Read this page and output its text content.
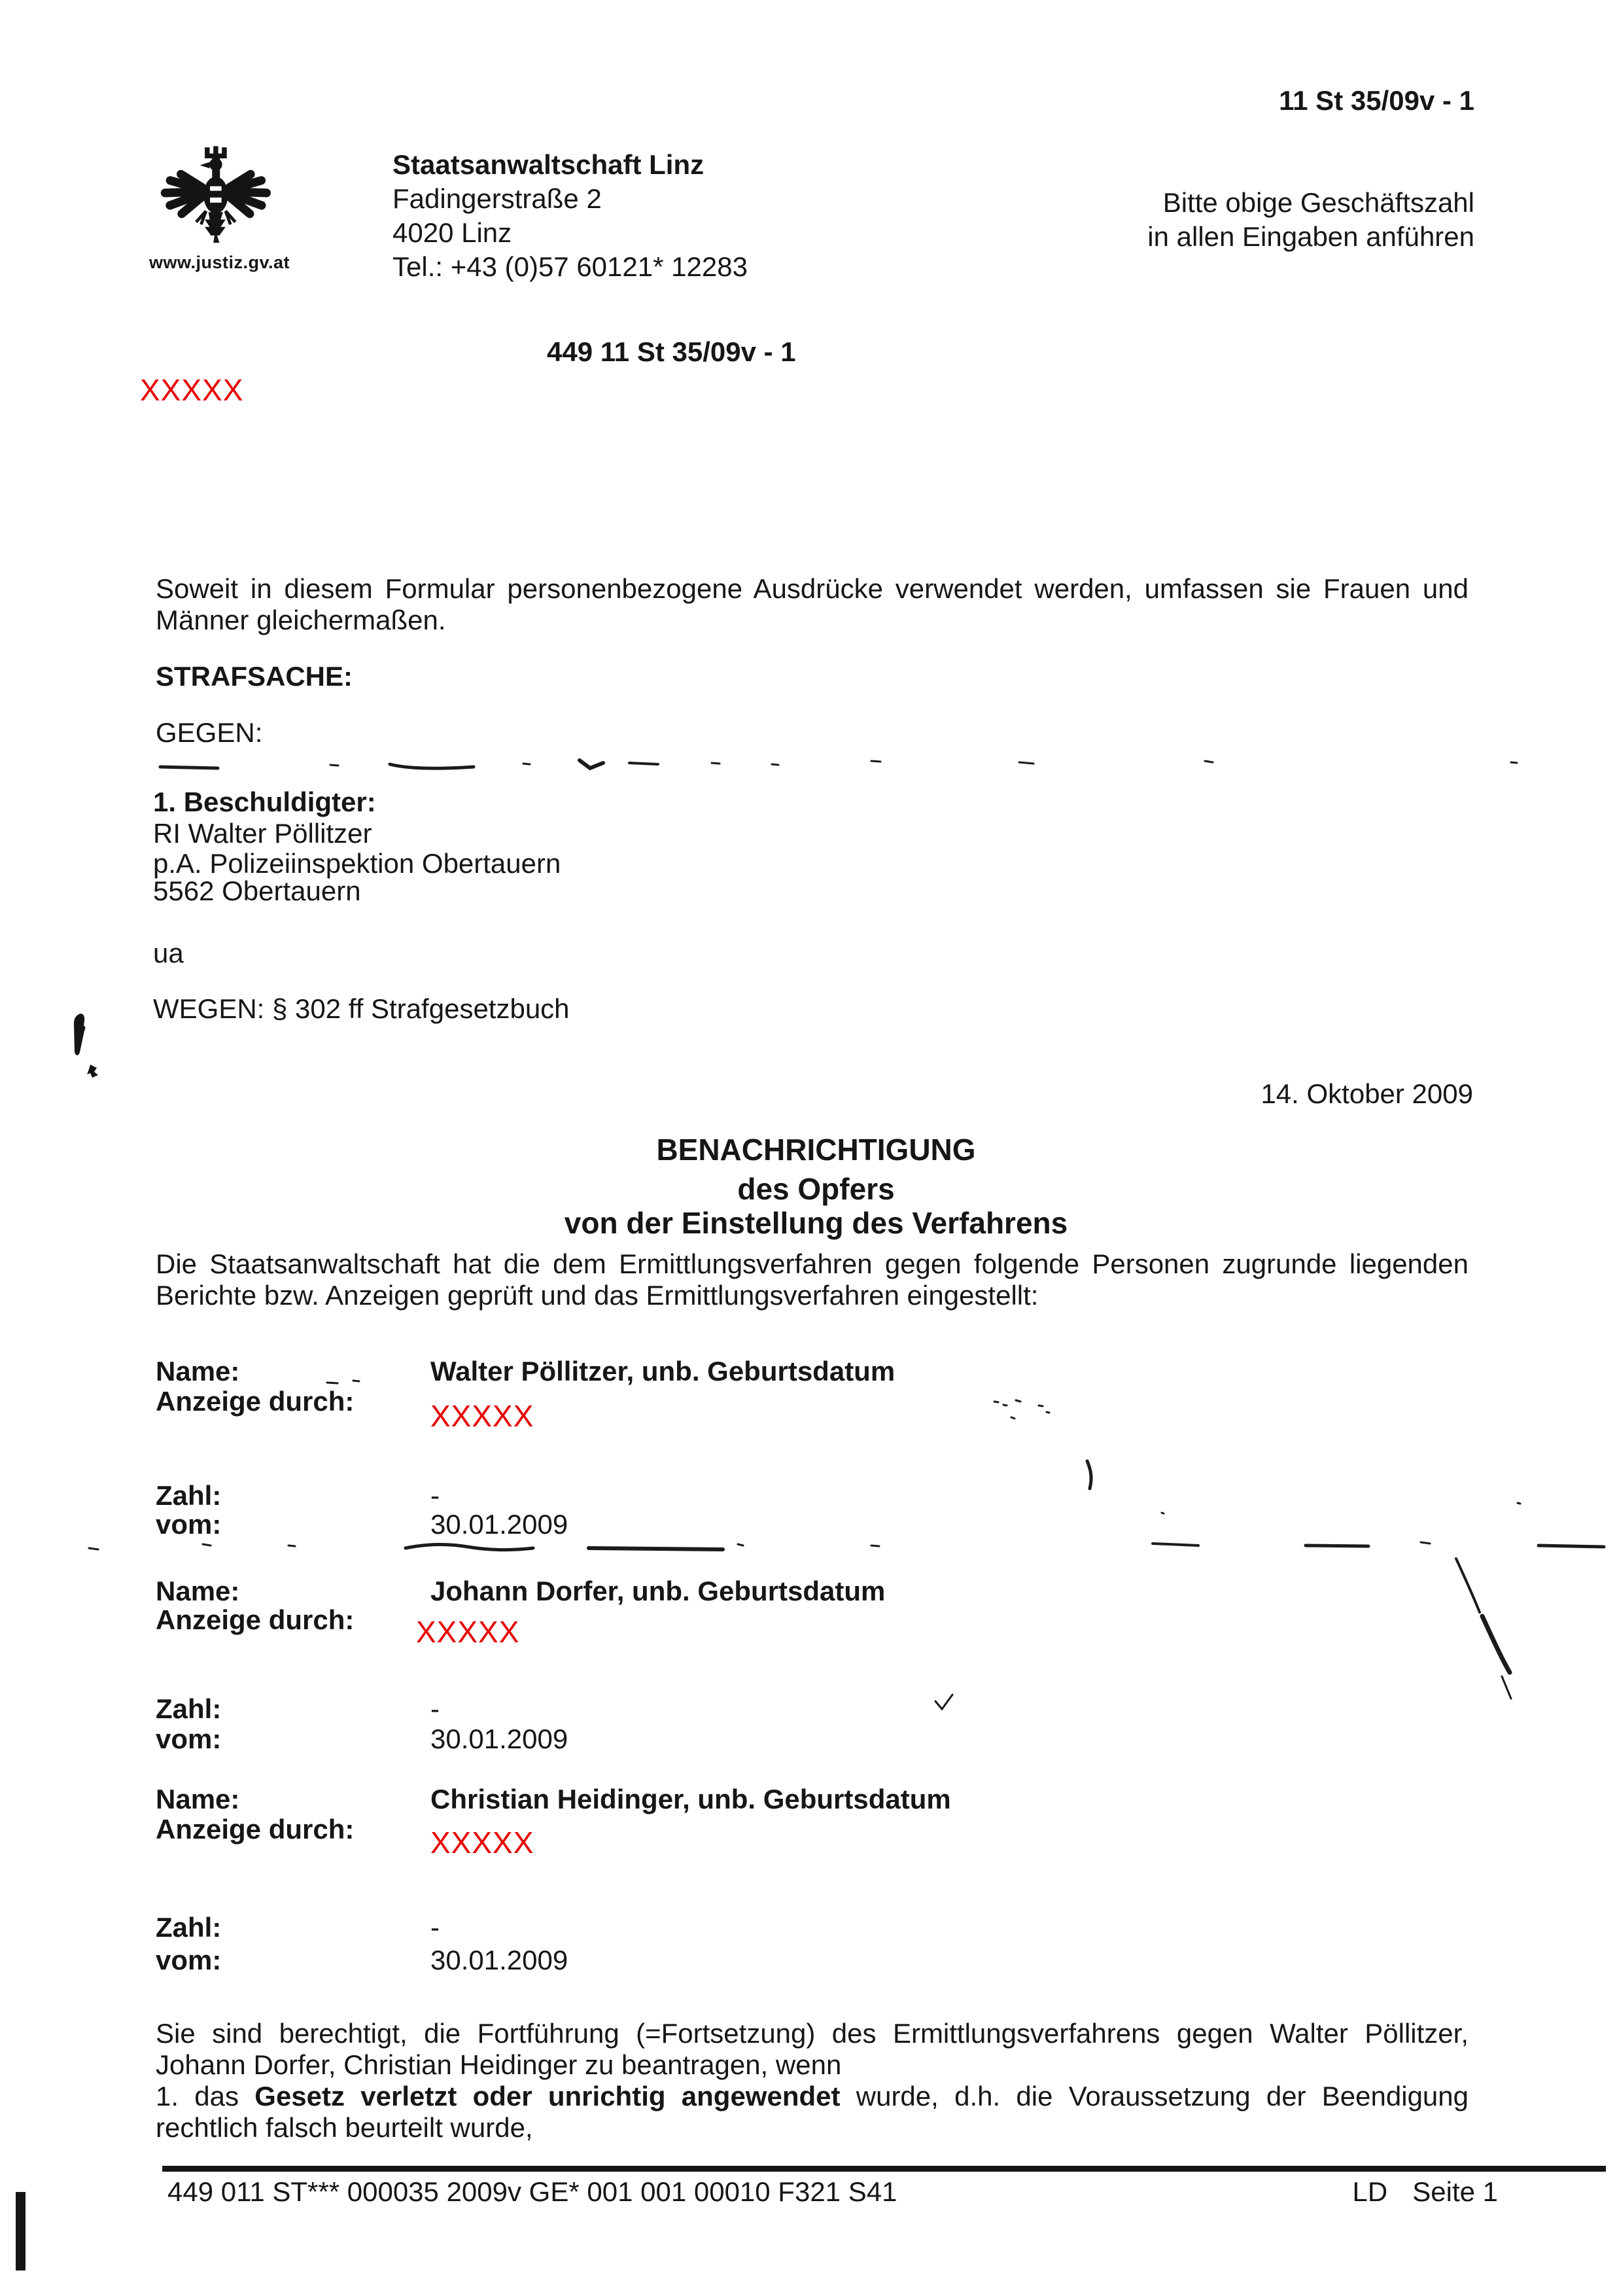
11 St 35/09v - 1
www.justiz.gv.at
Staatsanwaltschaft Linz
Fadingerstraße 2
4020 Linz
Tel.: +43 (0)57 60121* 12283
Bitte obige Geschäftszahl
in allen Eingaben anführen
449 11 St 35/09v - 1
XXXXX
Soweit in diesem Formular personenbezogene Ausdrücke verwendet werden, umfassen sie Frauen und Männer gleichermaßen.
STRAFSACHE:
GEGEN:
1. Beschuldigter:
RI Walter Pöllitzer
p.A. Polizeiinspektion Obertauern
5562 Obertauern
ua
WEGEN: § 302 ff Strafgesetzbuch
14. Oktober 2009
BENACHRICHTIGUNG
des Opfers
von der Einstellung des Verfahrens
Die Staatsanwaltschaft hat die dem Ermittlungsverfahren gegen folgende Personen zugrunde liegenden Berichte bzw. Anzeigen geprüft und das Ermittlungsverfahren eingestellt:
Name:	Walter Pöllitzer, unb. Geburtsdatum
Anzeige durch:	XXXXX
Zahl:	-
vom:	30.01.2009
Name:	Johann Dorfer, unb. Geburtsdatum
Anzeige durch: XXXXX
Zahl:	-
vom:	30.01.2009
Name:	Christian Heidinger, unb. Geburtsdatum
Anzeige durch:	XXXXX
Zahl:	-
vom:	30.01.2009
Sie sind berechtigt, die Fortführung (=Fortsetzung) des Ermittlungsverfahrens gegen Walter Pöllitzer, Johann Dorfer, Christian Heidinger zu beantragen, wenn
1. das Gesetz verletzt oder unrichtig angewendet wurde, d.h. die Voraussetzung der Beendigung rechtlich falsch beurteilt wurde,
449 011 ST*** 000035 2009v GE* 001 001 00010 F321 S41	LD Seite 1
